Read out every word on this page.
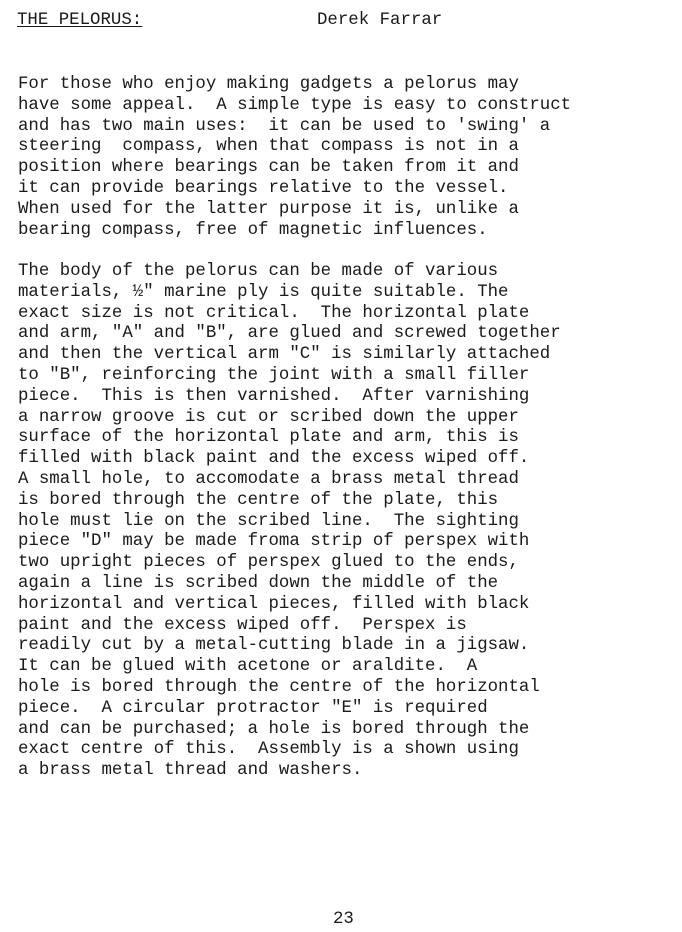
THE PELORUS:	Derek Farrar
For those who enjoy making gadgets a pelorus may
have some appeal.  A simple type is easy to construct
and has two main uses:  it can be used to 'swing' a
steering  compass, when that compass is not in a
position where bearings can be taken from it and
it can provide bearings relative to the vessel.
When used for the latter purpose it is, unlike a
bearing compass, free of magnetic influences.
The body of the pelorus can be made of various
materials, ½" marine ply is quite suitable. The
exact size is not critical.  The horizontal plate
and arm, "A" and "B", are glued and screwed together
and then the vertical arm "C" is similarly attached
to "B", reinforcing the joint with a small filler
piece.  This is then varnished.  After varnishing
a narrow groove is cut or scribed down the upper
surface of the horizontal plate and arm, this is
filled with black paint and the excess wiped off.
A small hole, to accomodate a brass metal thread
is bored through the centre of the plate, this
hole must lie on the scribed line.  The sighting
piece "D" may be made froma strip of perspex with
two upright pieces of perspex glued to the ends,
again a line is scribed down the middle of the
horizontal and vertical pieces, filled with black
paint and the excess wiped off.  Perspex is
readily cut by a metal-cutting blade in a jigsaw.
It can be glued with acetone or araldite.  A
hole is bored through the centre of the horizontal
piece.  A circular protractor "E" is required
and can be purchased; a hole is bored through the
exact centre of this.  Assembly is a shown using
a brass metal thread and washers.
23
